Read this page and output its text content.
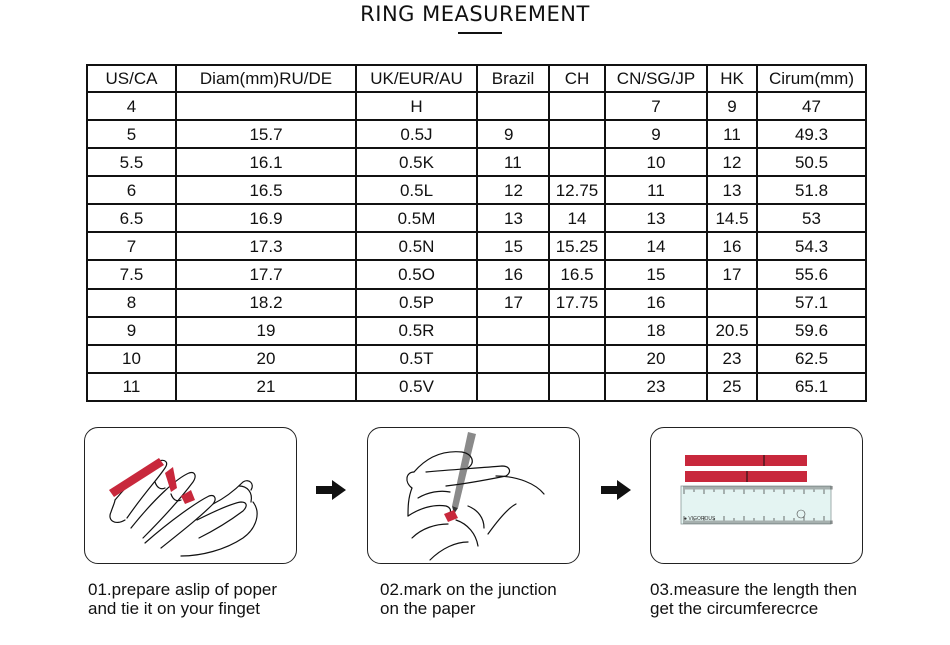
RING MEASUREMENT
US/CA	Diam(mm)RU/DE	UK/EUR/AU	Brazil	CH	CN/SG/JP	HK	Cirum(mm)
4		H			7	9	47
5	15.7	0.5J	9		9	11	49.3
5.5	16.1	0.5K	11		10	12	50.5
6	16.5	0.5L	12	12.75	11	13	51.8
6.5	16.9	0.5M	13	14	13	14.5	53
7	17.3	0.5N	15	15.25	14	16	54.3
7.5	17.7	0.5O	16	16.5	15	17	55.6
8	18.2	0.5P	17	17.75	16		57.1
9	19	0.5R			18	20.5	59.6
10	20	0.5T			20	23	62.5
11	21	0.5V			23	25	65.1
● VIGOROUS
01.prepare aslip of poper
and tie it on your finget
02.mark on the junction
on the paper
03.measure the length then
get the circumferecrce
